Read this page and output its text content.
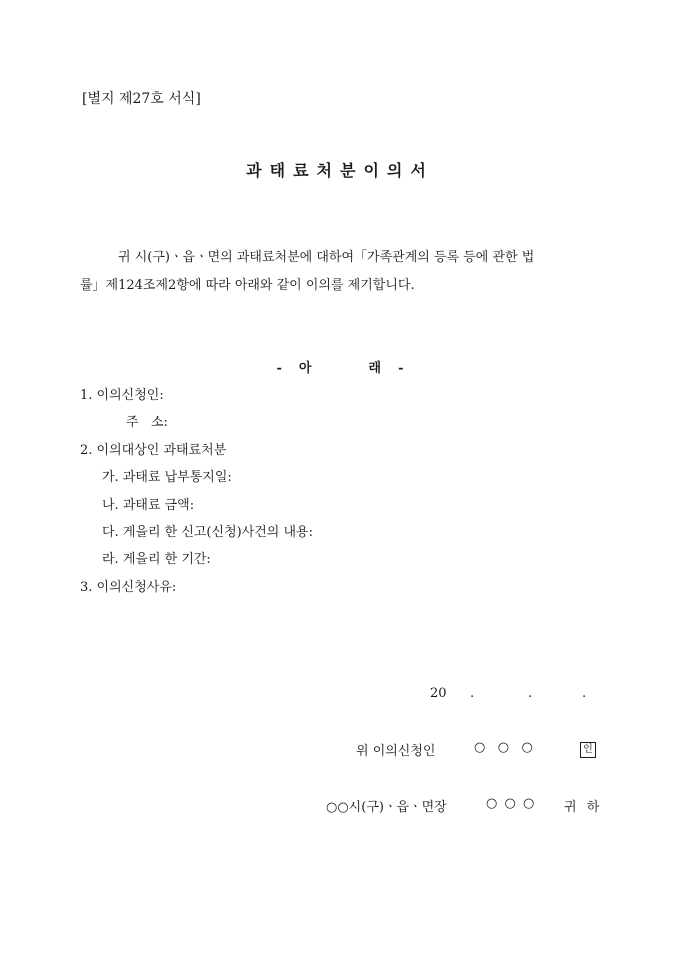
[별지 제27호 서식]
과태료처분이의서
귀 시(구)ㆍ읍ㆍ면의 과태료처분에 대하여「가족관계의 등록 등에 관한 법
률」제124조제2항에 따라 아래와 같이 이의를 제기합니다.
- 아	래 -
1. 이의신청인:
주   소:
2. 이의대상인 과태료처분
가. 과태료 납부통지일:
나. 과태료 금액:
다. 게을리 한 신고(신청)사건의 내용:
라. 게을리 한 기간:
3. 이의신청사유:
20 .	.	.
위 이의신청인	○   ○   ○	인
○○시(구)ㆍ읍ㆍ면장	○ ○ ○ 귀 하
